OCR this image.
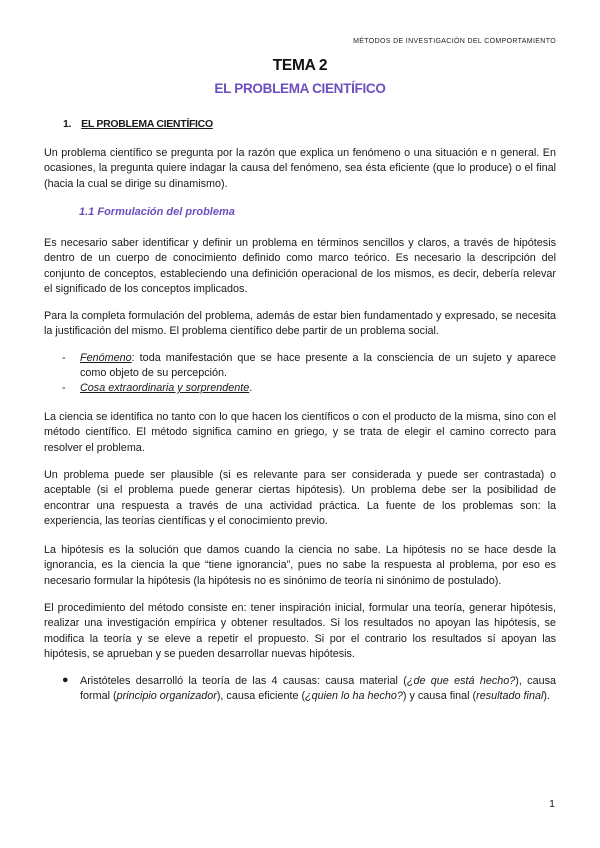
MÉTODOS DE INVESTIGACIÓN DEL COMPORTAMIENTO
TEMA 2
EL PROBLEMA CIENTÍFICO
1. EL PROBLEMA CIENTÍFICO
Un problema científico se pregunta por la razón que explica un fenómeno o una situación e n general. En ocasiones, la pregunta quiere indagar la causa del fenómeno, sea ésta eficiente (que lo produce) o el final (hacia la cual se dirige su dinamismo).
1.1 Formulación del problema
Es necesario saber identificar y definir un problema en términos sencillos y claros, a través de hipótesis dentro de un cuerpo de conocimiento definido como marco teórico. Es necesario la descripción del conjunto de conceptos, estableciendo una definición operacional de los mismos, es decir, debería relevar el significado de los conceptos implicados.
Para la completa formulación del problema, además de estar bien fundamentado y expresado, se necesita la justificación del mismo. El problema científico debe partir de un problema social.
- Fenómeno: toda manifestación que se hace presente a la consciencia de un sujeto y aparece como objeto de su percepción.
- Cosa extraordinaria y sorprendente.
La ciencia se identifica no tanto con lo que hacen los científicos o con el producto de la misma, sino con el método científico. El método significa camino en griego, y se trata de elegir el camino correcto para resolver el problema.
Un problema puede ser plausible (si es relevante para ser considerada y puede ser contrastada) o aceptable (si el problema puede generar ciertas hipótesis). Un problema debe ser la posibilidad de encontrar una respuesta a través de una actividad práctica. La fuente de los problemas son: la experiencia, las teorías científicas y el conocimiento previo.
La hipótesis es la solución que damos cuando la ciencia no sabe. La hipótesis no se hace desde la ignorancia, es la ciencia la que “tiene ignorancia”, pues no sabe la respuesta al problema, por eso es necesario formular la hipótesis (la hipótesis no es sinónimo de teoría ni sinónimo de postulado).
El procedimiento del método consiste en: tener inspiración inicial, formular una teoría, generar hipótesis, realizar una investigación empírica y obtener resultados. Si los resultados no apoyan las hipótesis, se modifica la teoría y se eleve a repetir el propuesto. Si por el contrario los resultados sí apoyan las hipótesis, se aprueban y se pueden desarrollar nuevas hipótesis.
● Aristóteles desarrolló la teoría de las 4 causas: causa material (¿de que está hecho?), causa formal (principio organizador), causa eficiente (¿quien lo ha hecho?) y causa final (resultado final).
1
